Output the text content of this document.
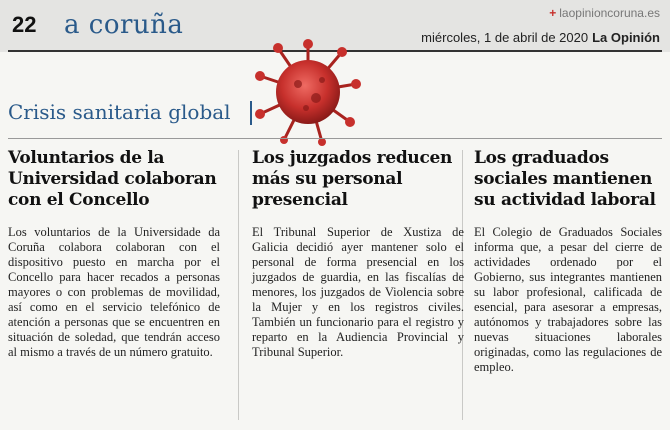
22 a coruña	+ laopinioncoruna.es
miércoles, 1 de abril de 2020 La Opinión
Crisis sanitaria global
Voluntarios de la Universidad colaboran con el Concello

Los voluntarios de la Universidade da Coruña colabora colaboran con el dispositivo puesto en marcha por el Concello para hacer recados a personas mayores o con problemas de movilidad, así como en el servicio telefónico de atención a personas que se encuentren en situación de soledad, que tendrán acceso al mismo a través de un número gratuito.

Los juzgados reducen más su personal presencial

El Tribunal Superior de Xustiza de Galicia decidió ayer mantener solo el personal de forma presencial en los juzgados de guardia, en las fiscalías de menores, los juzgados de Violencia sobre la Mujer y en los registros civiles. También un funcionario para el registro y reparto en la Audiencia Provincial y Tribunal Superior.

Los graduados sociales mantienen su actividad laboral

El Colegio de Graduados Sociales informa que, a pesar del cierre de actividades ordenado por el Gobierno, sus integrantes mantienen su labor profesional, calificada de esencial, para asesorar a empresas, autónomos y trabajadores sobre las nuevas situaciones laborales originadas, como las regulaciones de empleo.
